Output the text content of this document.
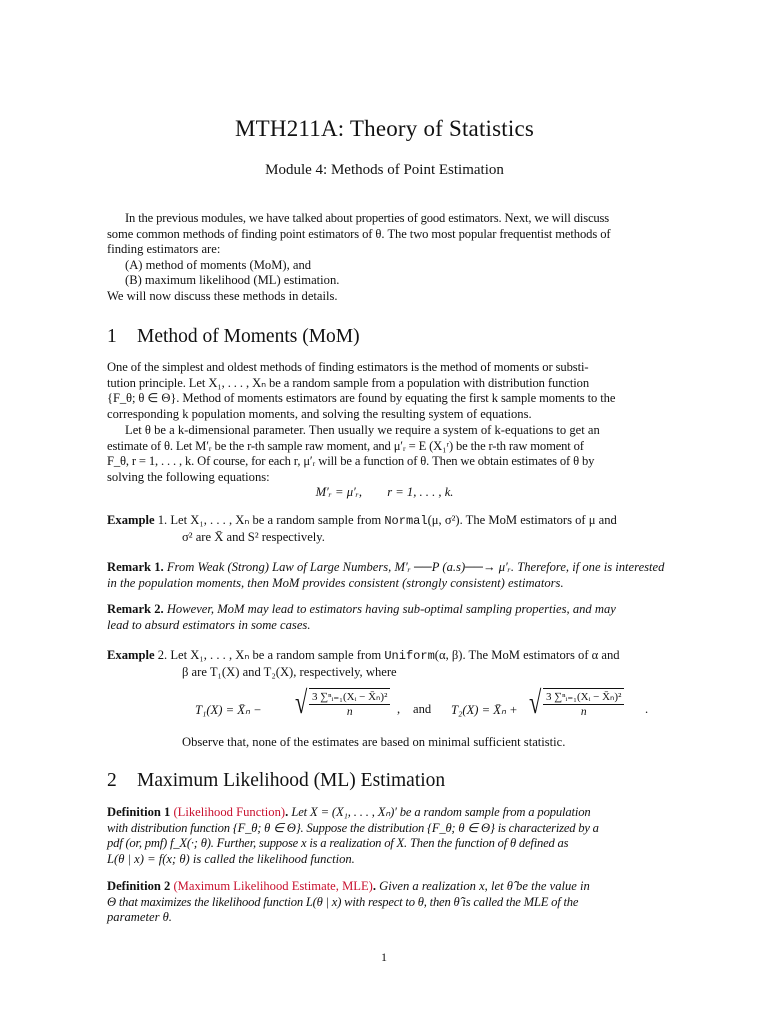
MTH211A: Theory of Statistics
Module 4: Methods of Point Estimation

In the previous modules, we have talked about properties of good estimators. Next, we will discuss

some common methods of finding point estimators of θ. The two most popular frequentist methods of

finding estimators are:

(A) method of moments (MoM), and

(B) maximum likelihood (ML) estimation.

We will now discuss these methods in details.

1 Method of Moments (MoM)

One of the simplest and oldest methods of finding estimators is the method of moments or substi-

tution principle. Let X₁, . . . , Xₙ be a random sample from a population with distribution function

{F_θ; θ ∈ Θ}. Method of moments estimators are found by equating the first k sample moments to the

corresponding k population moments, and solving the resulting system of equations.

Let θ be a k-dimensional parameter. Then usually we require a system of k-equations to get an

estimate of θ. Let M′ᵣ be the r-th sample raw moment, and μ′ᵣ = E (X₁ʳ) be the r-th raw moment of

F_θ, r = 1, . . . , k. Of course, for each r, μ′ᵣ will be a function of θ. Then we obtain estimates of θ by

solving the following equations:

M′ᵣ = μ′ᵣ,        r = 1, . . . , k.

Example 1. Let X₁, . . . , Xₙ be a random sample from Normal(μ, σ²). The MoM estimators of μ and

σ² are X̄ and S² respectively.

Remark 1. From Weak (Strong) Law of Large Numbers, M′ᵣ ──P (a.s)──→ μ′ᵣ. Therefore, if one is interested

in the population moments, then MoM provides consistent (strongly consistent) estimators.

Remark 2. However, MoM may lead to estimators having sub-optimal sampling properties, and may

lead to absurd estimators in some cases.

Example 2. Let X₁, . . . , Xₙ be a random sample from Uniform(α, β). The MoM estimators of α and

β are T₁(X) and T₂(X), respectively, where

T₁(X) = X̄ₙ − √ $\frac{\text{3 ∑ⁿᵢ₌₁(Xᵢ − X̄ₙ)²}}{n}$ , and T₂(X) = X̄ₙ + √ $\frac{\text{3 ∑ⁿᵢ₌₁(Xᵢ − X̄ₙ)²}}{n}$ .

Observe that, none of the estimates are based on minimal sufficient statistic.

2 Maximum Likelihood (ML) Estimation

Definition 1 (Likelihood Function). Let X = (X₁, . . . , Xₙ)′ be a random sample from a population

with distribution function {F_θ; θ ∈ Θ}. Suppose the distribution {F_θ; θ ∈ Θ} is characterized by a

pdf (or, pmf) f_X(·; θ). Further, suppose x is a realization of X. Then the function of θ defined as

L(θ | x) = f(x; θ) is called the likelihood function.

Definition 2 (Maximum Likelihood Estimate, MLE). Given a realization x, let θ̂ be the value in

Θ that maximizes the likelihood function L(θ | x) with respect to θ, then θ̂ is called the MLE of the

parameter θ.

1
